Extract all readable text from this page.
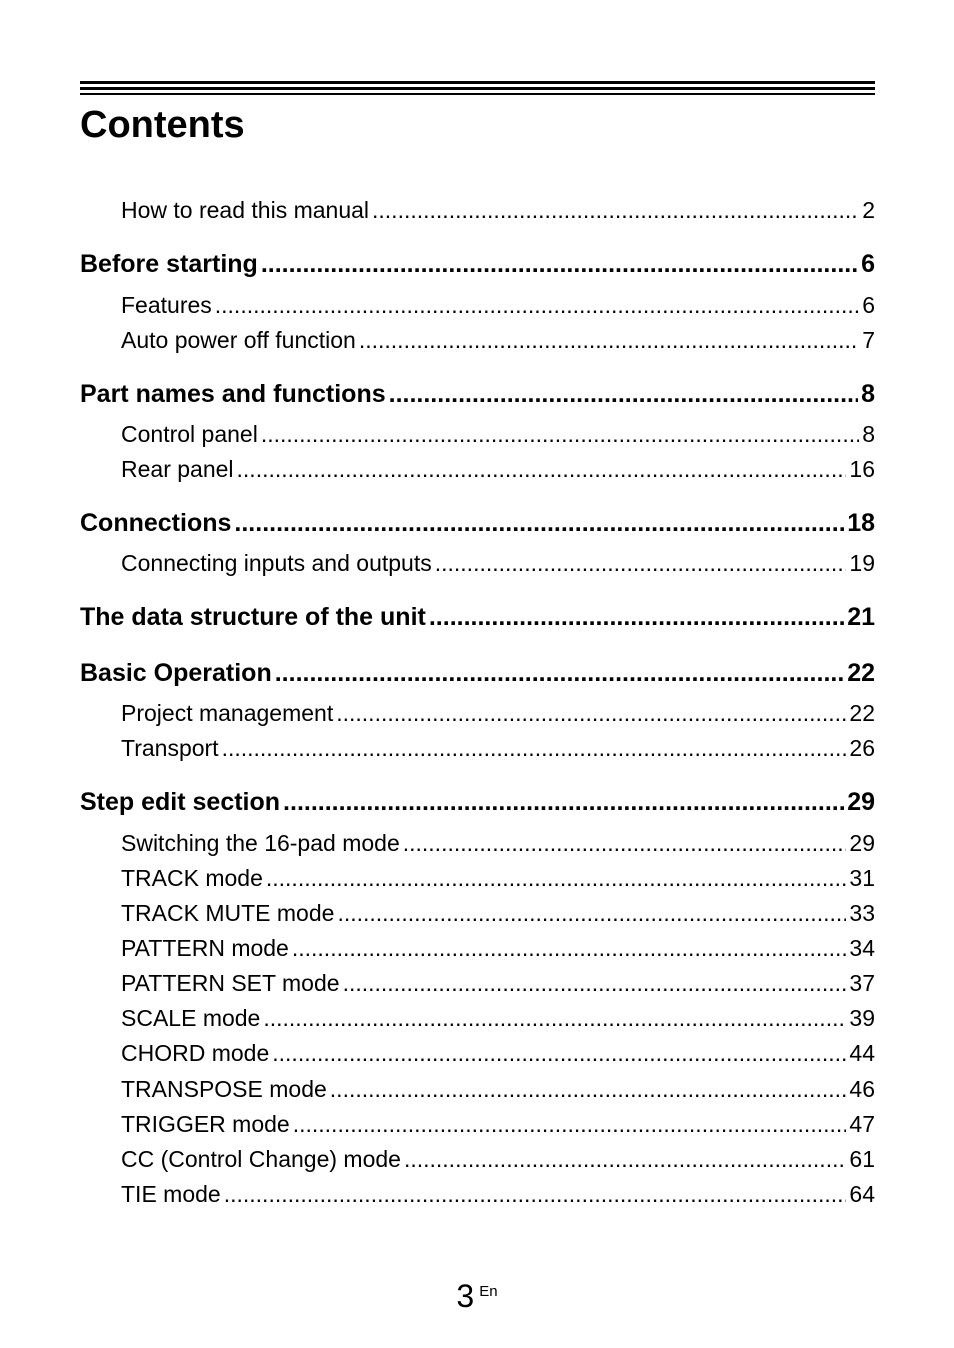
Contents
How to read this manual .....	2
Before starting .....	6
Features .....	6
Auto power off function .....	7
Part names and functions .....	8
Control panel .....	8
Rear panel .....	16
Connections .....	18
Connecting inputs and outputs .....	19
The data structure of the unit .....	21
Basic Operation .....	22
Project management .....	22
Transport .....	26
Step edit section .....	29
Switching the 16-pad mode .....	29
TRACK mode .....	31
TRACK MUTE mode .....	33
PATTERN mode .....	34
PATTERN SET mode .....	37
SCALE mode .....	39
CHORD mode .....	44
TRANSPOSE mode .....	46
TRIGGER mode .....	47
CC (Control Change) mode .....	61
TIE mode .....	64
3 En
